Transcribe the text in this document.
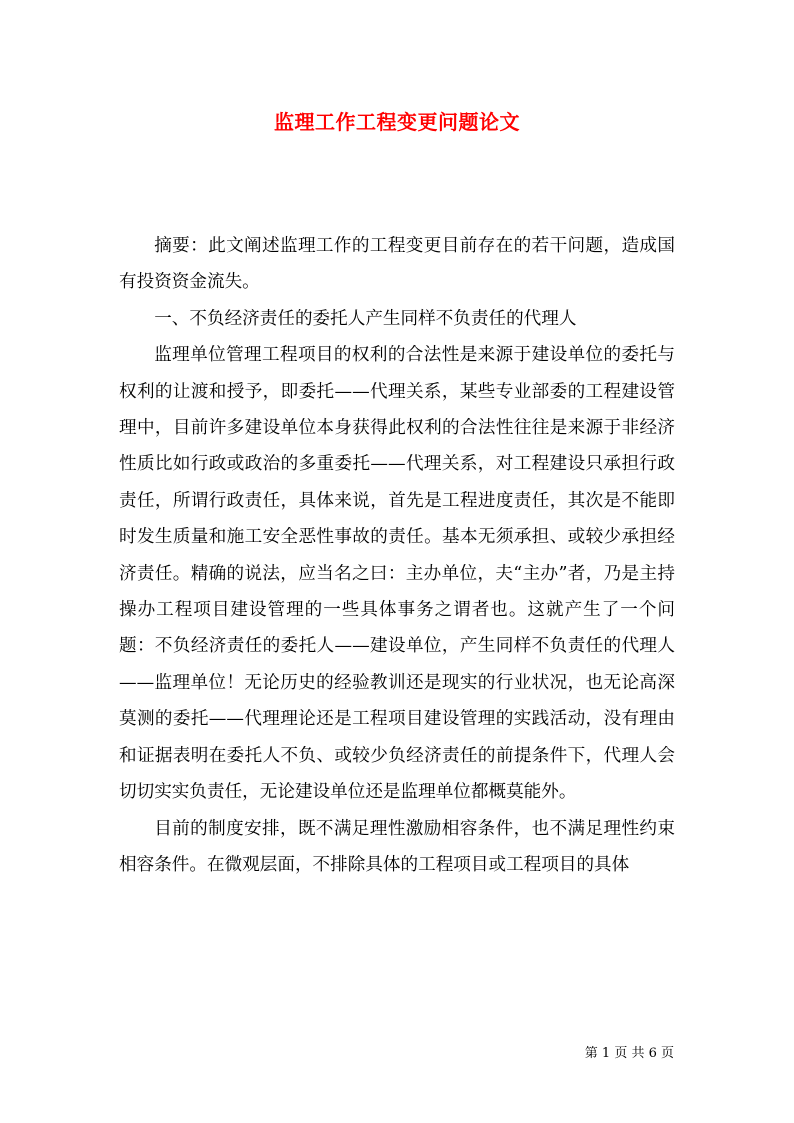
监理工作工程变更问题论文

摘要：此文阐述监理工作的工程变更目前存在的若干问题，造成国有投资资金流失。

一、不负经济责任的委托人产生同样不负责任的代理人

监理单位管理工程项目的权利的合法性是来源于建设单位的委托与权利的让渡和授予，即委托——代理关系，某些专业部委的工程建设管理中，目前许多建设单位本身获得此权利的合法性往往是来源于非经济性质比如行政或政治的多重委托——代理关系，对工程建设只承担行政责任，所谓行政责任，具体来说，首先是工程进度责任，其次是不能即时发生质量和施工安全恶性事故的责任。基本无须承担、或较少承担经济责任。精确的说法，应当名之曰：主办单位，夫“主办”者，乃是主持操办工程项目建设管理的一些具体事务之谓者也。这就产生了一个问题：不负经济责任的委托人——建设单位，产生同样不负责任的代理人——监理单位！无论历史的经验教训还是现实的行业状况，也无论高深莫测的委托——代理理论还是工程项目建设管理的实践活动，没有理由和证据表明在委托人不负、或较少负经济责任的前提条件下，代理人会切切实实负责任，无论建设单位还是监理单位都概莫能外。

目前的制度安排，既不满足理性激励相容条件，也不满足理性约束相容条件。在微观层面，不排除具体的工程项目或工程项目的具体

第 1 页 共 6 页
